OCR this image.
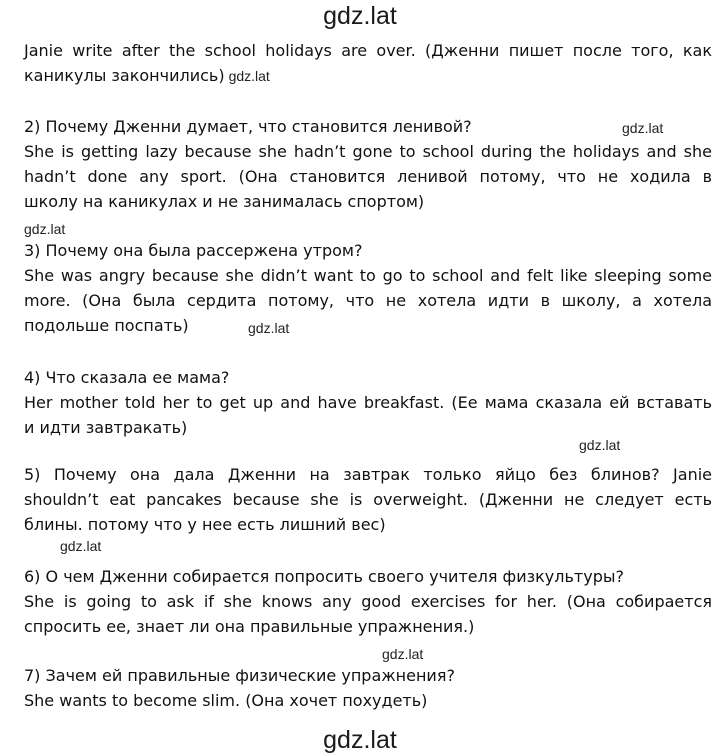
gdz.lat
Janie write after the school holidays are over. (Дженни пишет после того, как
каникулы закончились) gdz.lat
2) Почему Дженни думает, что становится ленивой?
She is getting lazy because she hadn’t gone to school during the holidays and she
hadn’t done any sport. (Она становится ленивой потому, что не ходила в
школу на каникулах и не занималась спортом)
gdz.lat
gdz.lat
3) Почему она была рассержена утром?
She was angry because she didn’t want to go to school and felt like sleeping some
more. (Она была сердита потому, что не хотела идти в школу, а хотела
подольше поспать)	gdz.lat
4) Что сказала ее мама?
Her mother told her to get up and have breakfast. (Ее мама сказала ей вставать
и идти завтракать)
gdz.lat
5) Почему она дала Дженни на завтрак только яйцо без блинов? Janie
shouldn’t eat pancakes because she is overweight. (Дженни не следует есть
блины. потому что у нее есть лишний вес)
gdz.lat
6) О чем Дженни собирается попросить своего учителя физкультуры?
She is going to ask if she knows any good exercises for her. (Она собирается
спросить ее, знает ли она правильные упражнения.)
gdz.lat
7) Зачем ей правильные физические упражнения?
She wants to become slim. (Она хочет похудеть)
gdz.lat
